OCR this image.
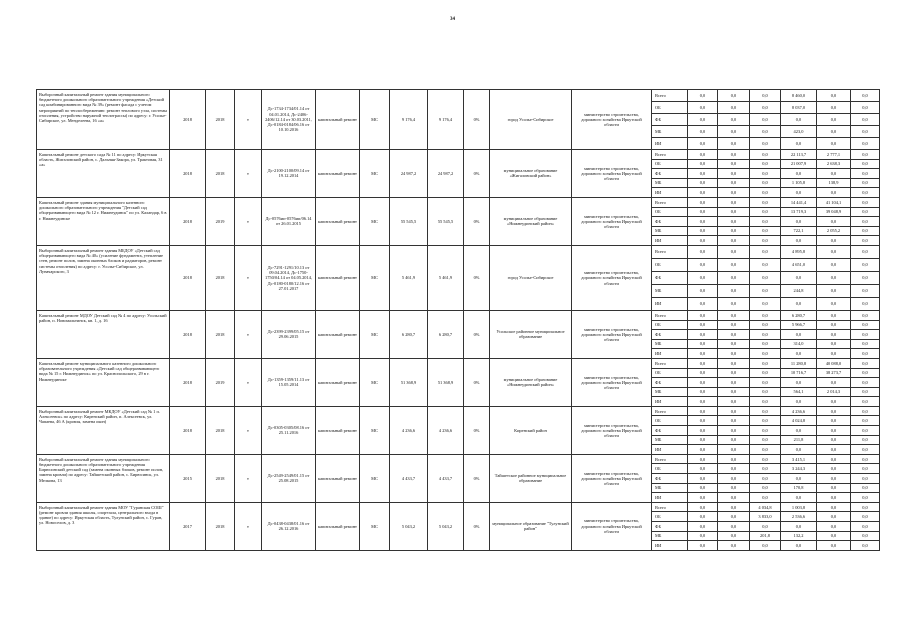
34
Выборочный капитальный ремонт здания муниципального бюджетного дошкольного образовательного учреждения «Детский сад комбинированного вида № 39» (ремонт фасада с учетом мероприятий по теплосбережению: ремонт теплового узла, системы отопления, устройство наружной теплотрассы) по адресу: г. Усолье-Сибирское, ул. Менделеева, 16 «а»	2018	2018	т	Дс-1734-1734/01.14 от 04.01.2014, Дс-2406-2406/12.14 от 30.03.2011, Дс-0184-0184/06.16 от 10.10.2016	капитальный ремонт	МС	9 176,4	9 176,4	0%	город Усолье-Сибирское	министерство строительства, дорожного хозяйства Иркутской области	Всего	0,0	0,0	0,0	8 460,0	0,0	0,0
												ОБ	0,0	0,0	0,0	8 037,0	0,0	0,0
												ФБ	0,0	0,0	0,0	0,0	0,0	0,0
												МБ	0,0	0,0	0,0	423,0	0,0	0,0
												ИИ	0,0	0,0	0,0	0,0	0,0	0,0
Капитальный ремонт детского сада № 11 по адресу: Иркутская область, Жигаловский район, с. Дальняя-Закора, ул. Трактовая, 31 «а»	2018	2018	т	Дс-2100-2100/09.14 от 19.12.2014	капитальный ремонт	МС	24 987,2	24 987,2	0%	муниципальное образование «Жигаловский район»	министерство строительства, дорожного хозяйства Иркутской области	Всего	0,0	0,0	0,0	22 113,7	2 777,1	0,0
												ОБ	0,0	0,0	0,0	21 007,9	2 638,3	0,0
												ФБ	0,0	0,0	0,0	0,0	0,0	0,0
												МБ	0,0	0,0	0,0	1 105,8	138,9	0,0
												ИИ	0,0	0,0	0,0	0,0	0,0	0,0
Капитальный ремонт здания муниципального казенного дошкольного образовательного учреждения "Детский сад общеразвивающего вида № 12 г. Нижнеудинск" по ул. Каландар, 6 в г. Нижнеудинске	2018	2019	т	Дс-0576ип-0576ип/06.14 от 26.01.2015	капитальный ремонт	МС	55 545,5	55 545,5	0%	муниципальное образование «Нижнеудинский район»	министерство строительства, дорожного хозяйства Иркутской области	Всего	0,0	0,0	0,0	14 441,4	41 104,1	0,0
												ОБ	0,0	0,0	0,0	13 719,3	39 048,9	0,0
												ФБ	0,0	0,0	0,0	0,0	0,0	0,0
												МБ	0,0	0,0	0,0	722,1	2 055,2	0,0
												ИИ	0,0	0,0	0,0	0,0	0,0	0,0
Выборочный капитальный ремонт здания МБДОУ «Детский сад общеразвивающего вида № 40» (усиление фундамента, утепление стен, ремонт полов, замена оконных блоков и радиаторов, ремонт системы отопления) по адресу: г. Усолье-Сибирское, ул. Луначарского, 3	2018	2018	т	Дс-7291-1291/10.13 от 09.04.2014, Дс-1750-1750/04.14 от 04.05.2014, Дс-0180-0180/12.16 от 27.01.2017	капитальный ремонт	МС	5 461,9	5 461,9	0%	город Усолье-Сибирское	министерство строительства, дорожного хозяйства Иркутской области	Всего	0,0	0,0	0,0	4 895,8	0,0	0,0
												ОБ	0,0	0,0	0,0	4 651,0	0,0	0,0
												ФБ	0,0	0,0	0,0	0,0	0,0	0,0
												МБ	0,0	0,0	0,0	244,8	0,0	0,0
												ИИ	0,0	0,0	0,0	0,0	0,0	0,0
Капитальный ремонт МДОУ Детский сад № 4 по адресу: Усольский район, п. Новомальтинск, кв. 1, д. 16	2018	2018	т	Дс-2399-2399/05.15 от 29.06.2015	капитальный ремонт	МС	6 280,7	6 280,7	0%	Усольское районное муниципальное образование	министерство строительства, дорожного хозяйства Иркутской области	Всего	0,0	0,0	0,0	6 280,7	0,0	0,0
												ОБ	0,0	0,0	0,0	5 966,7	0,0	0,0
												ФБ	0,0	0,0	0,0	0,0	0,0	0,0
												МБ	0,0	0,0	0,0	314,0	0,0	0,0
												ИИ	0,0	0,0	0,0	0,0	0,0	0,0
Капитальный ремонт муниципального казенного дошкольного образовательного учреждения «Детский сад общеразвивающего вида № 15 г. Нижнеудинск» по ул. Краснопольского, 29 в г. Нижнеудинске	2018	2019	т	Дс-1359-1359/11.13 от 15.05.2014	капитальный ремонт	МС	51 368,9	51 368,9	0%	муниципальное образование «Нижнеудинский район»	министерство строительства, дорожного хозяйства Иркутской области	Всего	0,0	0,0	0,0	11 280,8	40 088,0	0,0
												ОБ	0,0	0,0	0,0	10 716,7	38 273,7	0,0
												ФБ	0,0	0,0	0,0	0,0	0,0	0,0
												МБ	0,0	0,0	0,0	564,1	2 014,3	0,0
												ИИ	0,0	0,0	0,0	0,0	0,0	0,0
Выборочный капитальный ремонт МКДОУ «Детский сад № 1 п. Алексеевск» по адресу: Киренский район, п. Алексеевск, ул. Чапаева, 46 А (кровля, замена окон)	2018	2018	т	Дс-0305-0305/08.16 от 25.11.2016	капитальный ремонт	МС	4 236,6	4 236,6	0%	Киренский район	министерство строительства, дорожного хозяйства Иркутской области	Всего	0,0	0,0	0,0	4 236,6	0,0	0,0
												ОБ	0,0	0,0	0,0	4 024,8	0,0	0,0
												ФБ	0,0	0,0	0,0	0,0	0,0	0,0
												МБ	0,0	0,0	0,0	211,8	0,0	0,0
												ИИ	0,0	0,0	0,0	0,0	0,0	0,0
Выборочный капитальный ремонт здания муниципального бюджетного дошкольного образовательного учреждения Бирюсинский детский сад (замена оконных блоков, ремонт полов, замена кровли) по адресу: Тайшетский район, с. Бирюсинск, ул. Мелкова, 13	2015	2018	т	Дс-2549-2549/01.15 от 25.08.2015	капитальный ремонт	МС	4 433,7	4 433,7	0%	Тайшетское районное муниципальное образование	министерство строительства, дорожного хозяйства Иркутской области	Всего	0,0	0,0	0,0	3 415,1	0,0	0,0
												ОБ	0,0	0,0	0,0	3 244,3	0,0	0,0
												ФБ	0,0	0,0	0,0	0,0	0,0	0,0
												МБ	0,0	0,0	0,0	170,8	0,0	0,0
												ИИ	0,0	0,0	0,0	0,0	0,0	0,0
Выборочный капитальный ремонт здания МОУ "Гуранская СОШ" (ремонт кровли здания школы, спортзала, центрального входа в здание) по адресу: Иркутская область, Тулунский район, с. Гуран, ул. Новоселов, д. 3	2017	2018	т	Дс-0438-0438/01.16 от 26.12.2016	капитальный ремонт	МС	5 043,2	5 043,2	0%	муниципальное образование "Тулунский район"	министерство строительства, дорожного хозяйства Иркутской области	Всего	0,0	0,0	4 034,8	1 003,8	0,0	0,0
												ОБ	0,0	0,0	3 833,0	2 536,6	0,0	0,0
												ФБ	0,0	0,0	0,0	0,0	0,0	0,0
												МБ	0,0	0,0	201,8	132,2	0,0	0,0
												ИИ	0,0	0,0	0,0	0,0	0,0	0,0
